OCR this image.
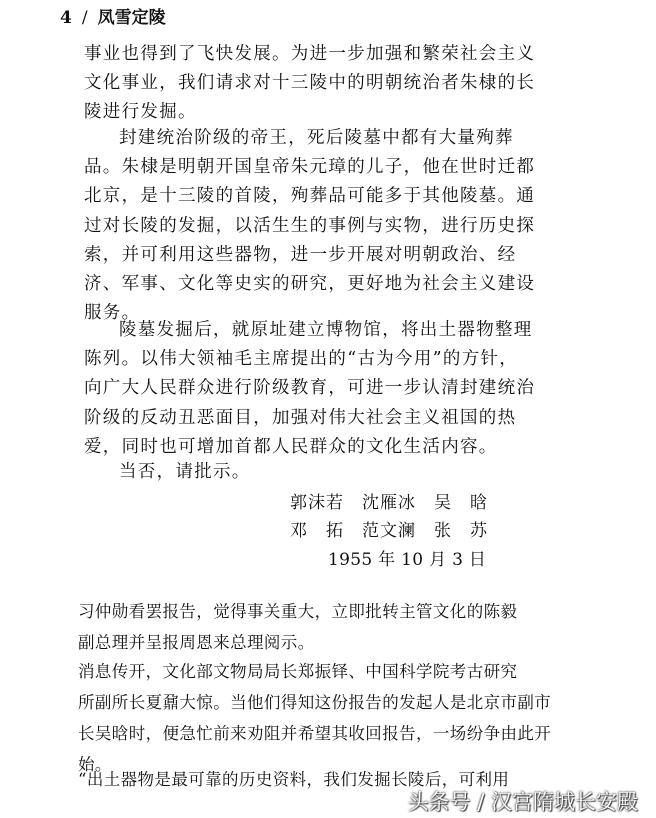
4 / 凤雪定陵
事业也得到了飞快发展。为进一步加强和繁荣社会主义
文化事业，我们请求对十三陵中的明朝统治者朱棣的长
陵进行发掘。
封建统治阶级的帝王，死后陵墓中都有大量殉葬
品。朱棣是明朝开国皇帝朱元璋的儿子，他在世时迁都
北京，是十三陵的首陵，殉葬品可能多于其他陵墓。通
过对长陵的发掘，以活生生的事例与实物，进行历史探
索，并可利用这些器物，进一步开展对明朝政治、经
济、军事、文化等史实的研究，更好地为社会主义建设
服务。
陵墓发掘后，就原址建立博物馆，将出土器物整理
陈列。以伟大领袖毛主席提出的“古为今用”的方针，
向广大人民群众进行阶级教育，可进一步认清封建统治
阶级的反动丑恶面目，加强对伟大社会主义祖国的热
爱，同时也可增加首都人民群众的文化生活内容。
当否，请批示。
郭沫若　沈雁冰　吴　晗
邓　拓　范文澜　张　苏
1955 年 10 月 3 日
习仲勋看罢报告，觉得事关重大，立即批转主管文化的陈毅
副总理并呈报周恩来总理阅示。
消息传开，文化部文物局局长郑振铎、中国科学院考古研究
所副所长夏鼐大惊。当他们得知这份报告的发起人是北京市副市
长吴晗时，便急忙前来劝阻并希望其收回报告，一场纷争由此开
始。
“出土器物是最可靠的历史资料，我们发掘长陵后，可利用
头条号 / 汉宫隋城长安殿
